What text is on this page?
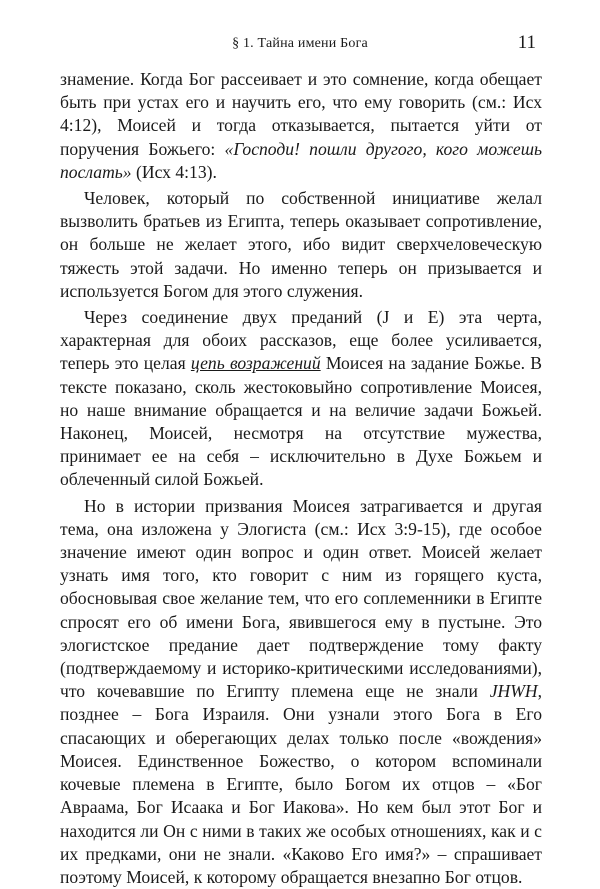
§ 1. Тайна имени Бога	11

знамение. Когда Бог рассеивает и это сомнение, когда обещает быть при устах его и научить его, что ему говорить (см.: Исх 4:12), Моисей и тогда отказывается, пытается уйти от поручения Божьего: «Господи! пошли другого, кого можешь послать» (Исх 4:13).

Человек, который по собственной инициативе желал вызволить братьев из Египта, теперь оказывает сопротивление, он больше не желает этого, ибо видит сверхчеловеческую тяжесть этой задачи. Но именно теперь он призывается и используется Богом для этого служения.

Через соединение двух преданий (J и E) эта черта, характерная для обоих рассказов, еще более усиливается, теперь это целая цепь возражений Моисея на задание Божье. В тексте показано, сколь жестоковыйно сопротивление Моисея, но наше внимание обращается и на величие задачи Божьей. Наконец, Моисей, несмотря на отсутствие мужества, принимает ее на себя – исключительно в Духе Божьем и облеченный силой Божьей.

Но в истории призвания Моисея затрагивается и другая тема, она изложена у Элогиста (см.: Исх 3:9-15), где особое значение имеют один вопрос и один ответ. Моисей желает узнать имя того, кто говорит с ним из горящего куста, обосновывая свое желание тем, что его соплеменники в Египте спросят его об имени Бога, явившегося ему в пустыне. Это элогистское предание дает подтверждение тому факту (подтверждаемому и историко-критическими исследованиями), что кочевавшие по Египту племена еще не знали JHWH, позднее – Бога Израиля. Они узнали этого Бога в Его спасающих и оберегающих делах только после «вождения» Моисея. Единственное Божество, о котором вспоминали кочевые племена в Египте, было Богом их отцов – «Бог Авраама, Бог Исаака и Бог Иакова». Но кем был этот Бог и находится ли Он с ними в таких же особых отношениях, как и с их предками, они не знали. «Каково Его имя?» – спрашивает поэтому Моисей, к которому обращается внезапно Бог отцов.
